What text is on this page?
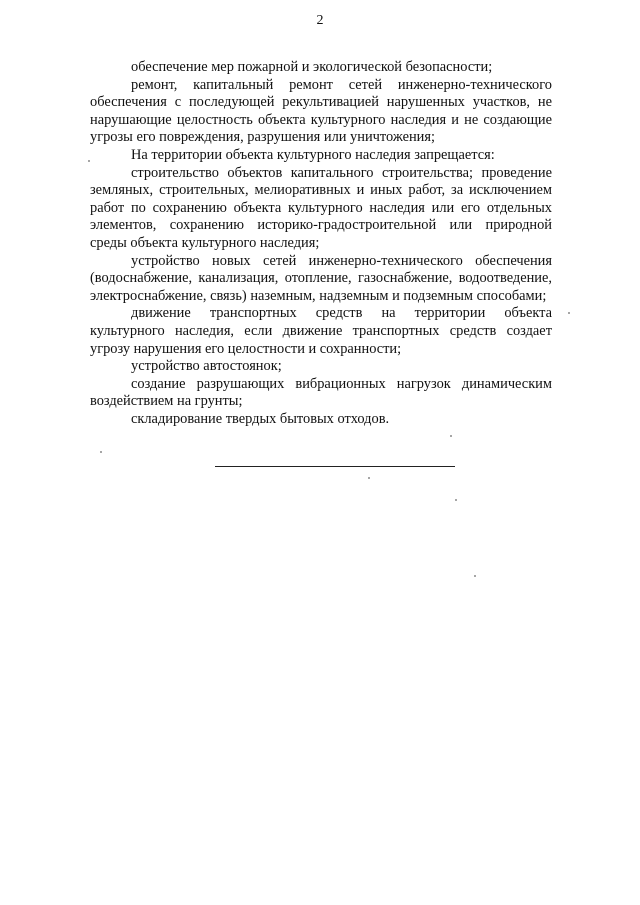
2

обеспечение мер пожарной и экологической безопасности;

ремонт, капитальный ремонт сетей инженерно-технического обеспечения с последующей рекультивацией нарушенных участков, не нарушающие целостность объекта культурного наследия и не создающие угрозы его повреждения, разрушения или уничтожения;

На территории объекта культурного наследия запрещается:

строительство объектов капитального строительства; проведение земляных, строительных, мелиоративных и иных работ, за исключением работ по сохранению объекта культурного наследия или его отдельных элементов, сохранению историко-градостроительной или природной среды объекта культурного наследия;

устройство новых сетей инженерно-технического обеспечения (водоснабжение, канализация, отопление, газоснабжение, водоотведение, электроснабжение, связь) наземным, надземным и подземным способами;

движение транспортных средств на территории объекта культурного наследия, если движение транспортных средств создает угрозу нарушения его целостности и сохранности;

устройство автостоянок;

создание разрушающих вибрационных нагрузок динамическим воздействием на грунты;

складирование твердых бытовых отходов.
